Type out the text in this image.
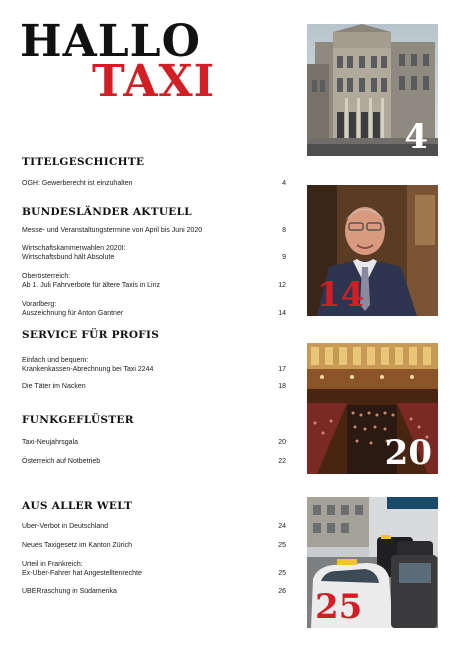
HALLO
TAXI
TITELGESCHICHTE
OGH: Gewerberecht ist einzuhalten	4
BUNDESLÄNDER AKTUELL
Messe- und Veranstaltungstermine von April bis Juni 2020	8
Wirtschaftskammerwahlen 2020I:
Wirtschaftsbund hält Absolute	9
Oberösterreich:
Ab 1. Juli Fahrverbote für ältere Taxis in Linz	12
Vorarlberg:
Auszeichnung für Anton Gantner	14
SERVICE FÜR PROFIS
Einfach und bequem:
Krankenkassen-Abrechnung bei Taxi 2244	17
Die Täter im Nacken	18
FUNKGEFLÜSTER
Taxi-Neujahrsgala	20
Österreich auf Notbetrieb	22
AUS ALLER WELT
Uber-Verbot in Deutschland	24
Neues Taxigesetz im Kanton Zürich	25
Urteil in Frankreich:
Ex-Uber-Fahrer hat Angestelltenrechte	25
UBERraschung in Südamerika	26
4
14
20
25
